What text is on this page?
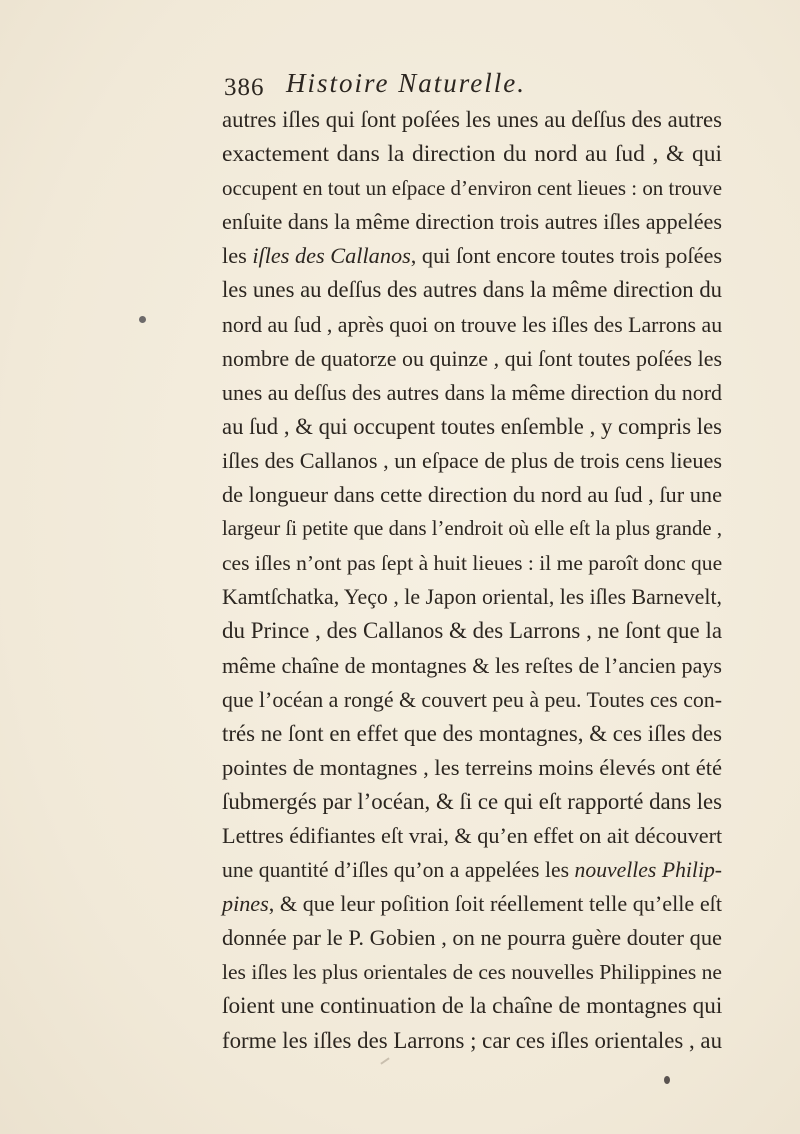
386 Histoire Naturelle.
autres iſles qui ſont poſées les unes au deſſus des autres
exactement dans la direction du nord au ſud , & qui
occupent en tout un eſpace d’environ cent lieues : on trouve
enſuite dans la même direction trois autres iſles appelées
les iſles des Callanos, qui ſont encore toutes trois poſées
les unes au deſſus des autres dans la même direction du
nord au ſud , après quoi on trouve les iſles des Larrons au
nombre de quatorze ou quinze , qui ſont toutes poſées les
unes au deſſus des autres dans la même direction du nord
au ſud , & qui occupent toutes enſemble , y compris les
iſles des Callanos , un eſpace de plus de trois cens lieues
de longueur dans cette direction du nord au ſud , ſur une
largeur ſi petite que dans l’endroit où elle eſt la plus grande ,
ces iſles n’ont pas ſept à huit lieues : il me paroît donc que
Kamtſchatka, Yeço , le Japon oriental, les iſles Barnevelt,
du Prince , des Callanos & des Larrons , ne ſont que la
même chaîne de montagnes & les reſtes de l’ancien pays
que l’océan a rongé & couvert peu à peu. Toutes ces con-
trés ne ſont en effet que des montagnes, & ces iſles des
pointes de montagnes , les terreins moins élevés ont été
ſubmergés par l’océan, & ſi ce qui eſt rapporté dans les
Lettres édifiantes eſt vrai, & qu’en effet on ait découvert
une quantité d’iſles qu’on a appelées les nouvelles Philip-
pines, & que leur poſition ſoit réellement telle qu’elle eſt
donnée par le P. Gobien , on ne pourra guère douter que
les iſles les plus orientales de ces nouvelles Philippines ne
ſoient une continuation de la chaîne de montagnes qui
forme les iſles des Larrons ; car ces iſles orientales , au
